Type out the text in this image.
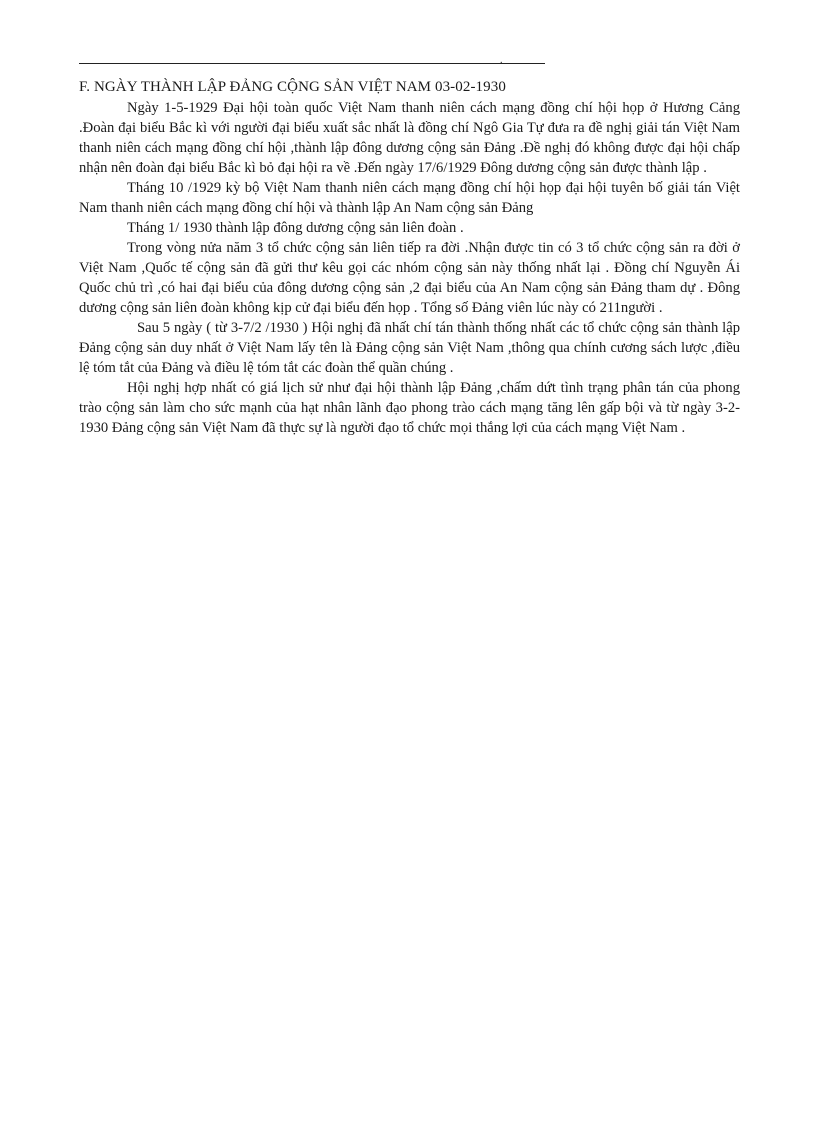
.
F. NGÀY THÀNH LẬP ĐẢNG CỘNG SẢN VIỆT NAM 03-02-1930

Ngày 1-5-1929 Đại hội toàn quốc Việt Nam thanh niên cách mạng đồng chí hội họp ở Hương Cảng .Đoàn đại biểu Bắc kì với người đại biểu xuất sắc nhất là đồng chí Ngô Gia Tự đưa ra đề nghị giải tán Việt Nam thanh niên cách mạng đồng chí hội ,thành lập đông dương cộng sản Đảng .Đề nghị đó không được đại hội chấp nhận nên đoàn đại biểu Bắc kì bỏ đại hội ra về .Đến ngày 17/6/1929 Đông dương cộng sản được thành lập .

Tháng 10 /1929 kỳ bộ Việt Nam thanh niên cách mạng đồng chí hội họp đại hội tuyên bố giải tán Việt Nam thanh niên cách mạng đồng chí hội và thành lập An Nam cộng sản Đảng

Tháng 1/ 1930 thành lập đông dương cộng sản liên đoàn .

Trong vòng nửa năm 3 tổ chức cộng sản liên tiếp ra đời .Nhận được tin có 3 tổ chức cộng sản ra đời ở Việt Nam ,Quốc tế cộng sản đã gửi thư kêu gọi các nhóm cộng sản này thống nhất lại . Đồng chí Nguyễn Ái Quốc chủ trì ,có hai đại biểu của đông dương cộng sản ,2 đại biểu của An Nam cộng sản Đảng tham dự . Đông dương cộng sản liên đoàn không kịp cử đại biểu đến họp . Tổng số Đảng viên lúc này có 211người .

Sau 5 ngày ( từ 3-7/2 /1930 ) Hội nghị đã nhất chí tán thành thống nhất các tổ chức cộng sản thành lập Đảng cộng sản duy nhất ở Việt Nam lấy tên là Đảng cộng sản Việt Nam ,thông qua chính cương sách lược ,điều lệ tóm tắt của Đảng và điều lệ tóm tắt các đoàn thể quần chúng .

Hội nghị hợp nhất có giá lịch sử như đại hội thành lập Đảng ,chấm dứt tình trạng phân tán của phong trào cộng sản làm cho sức mạnh của hạt nhân lãnh đạo phong trào cách mạng tăng lên gấp bội và từ ngày 3-2-1930 Đảng cộng sản Việt Nam đã thực sự là người đạo tổ chức mọi thắng lợi của cách mạng Việt Nam .
